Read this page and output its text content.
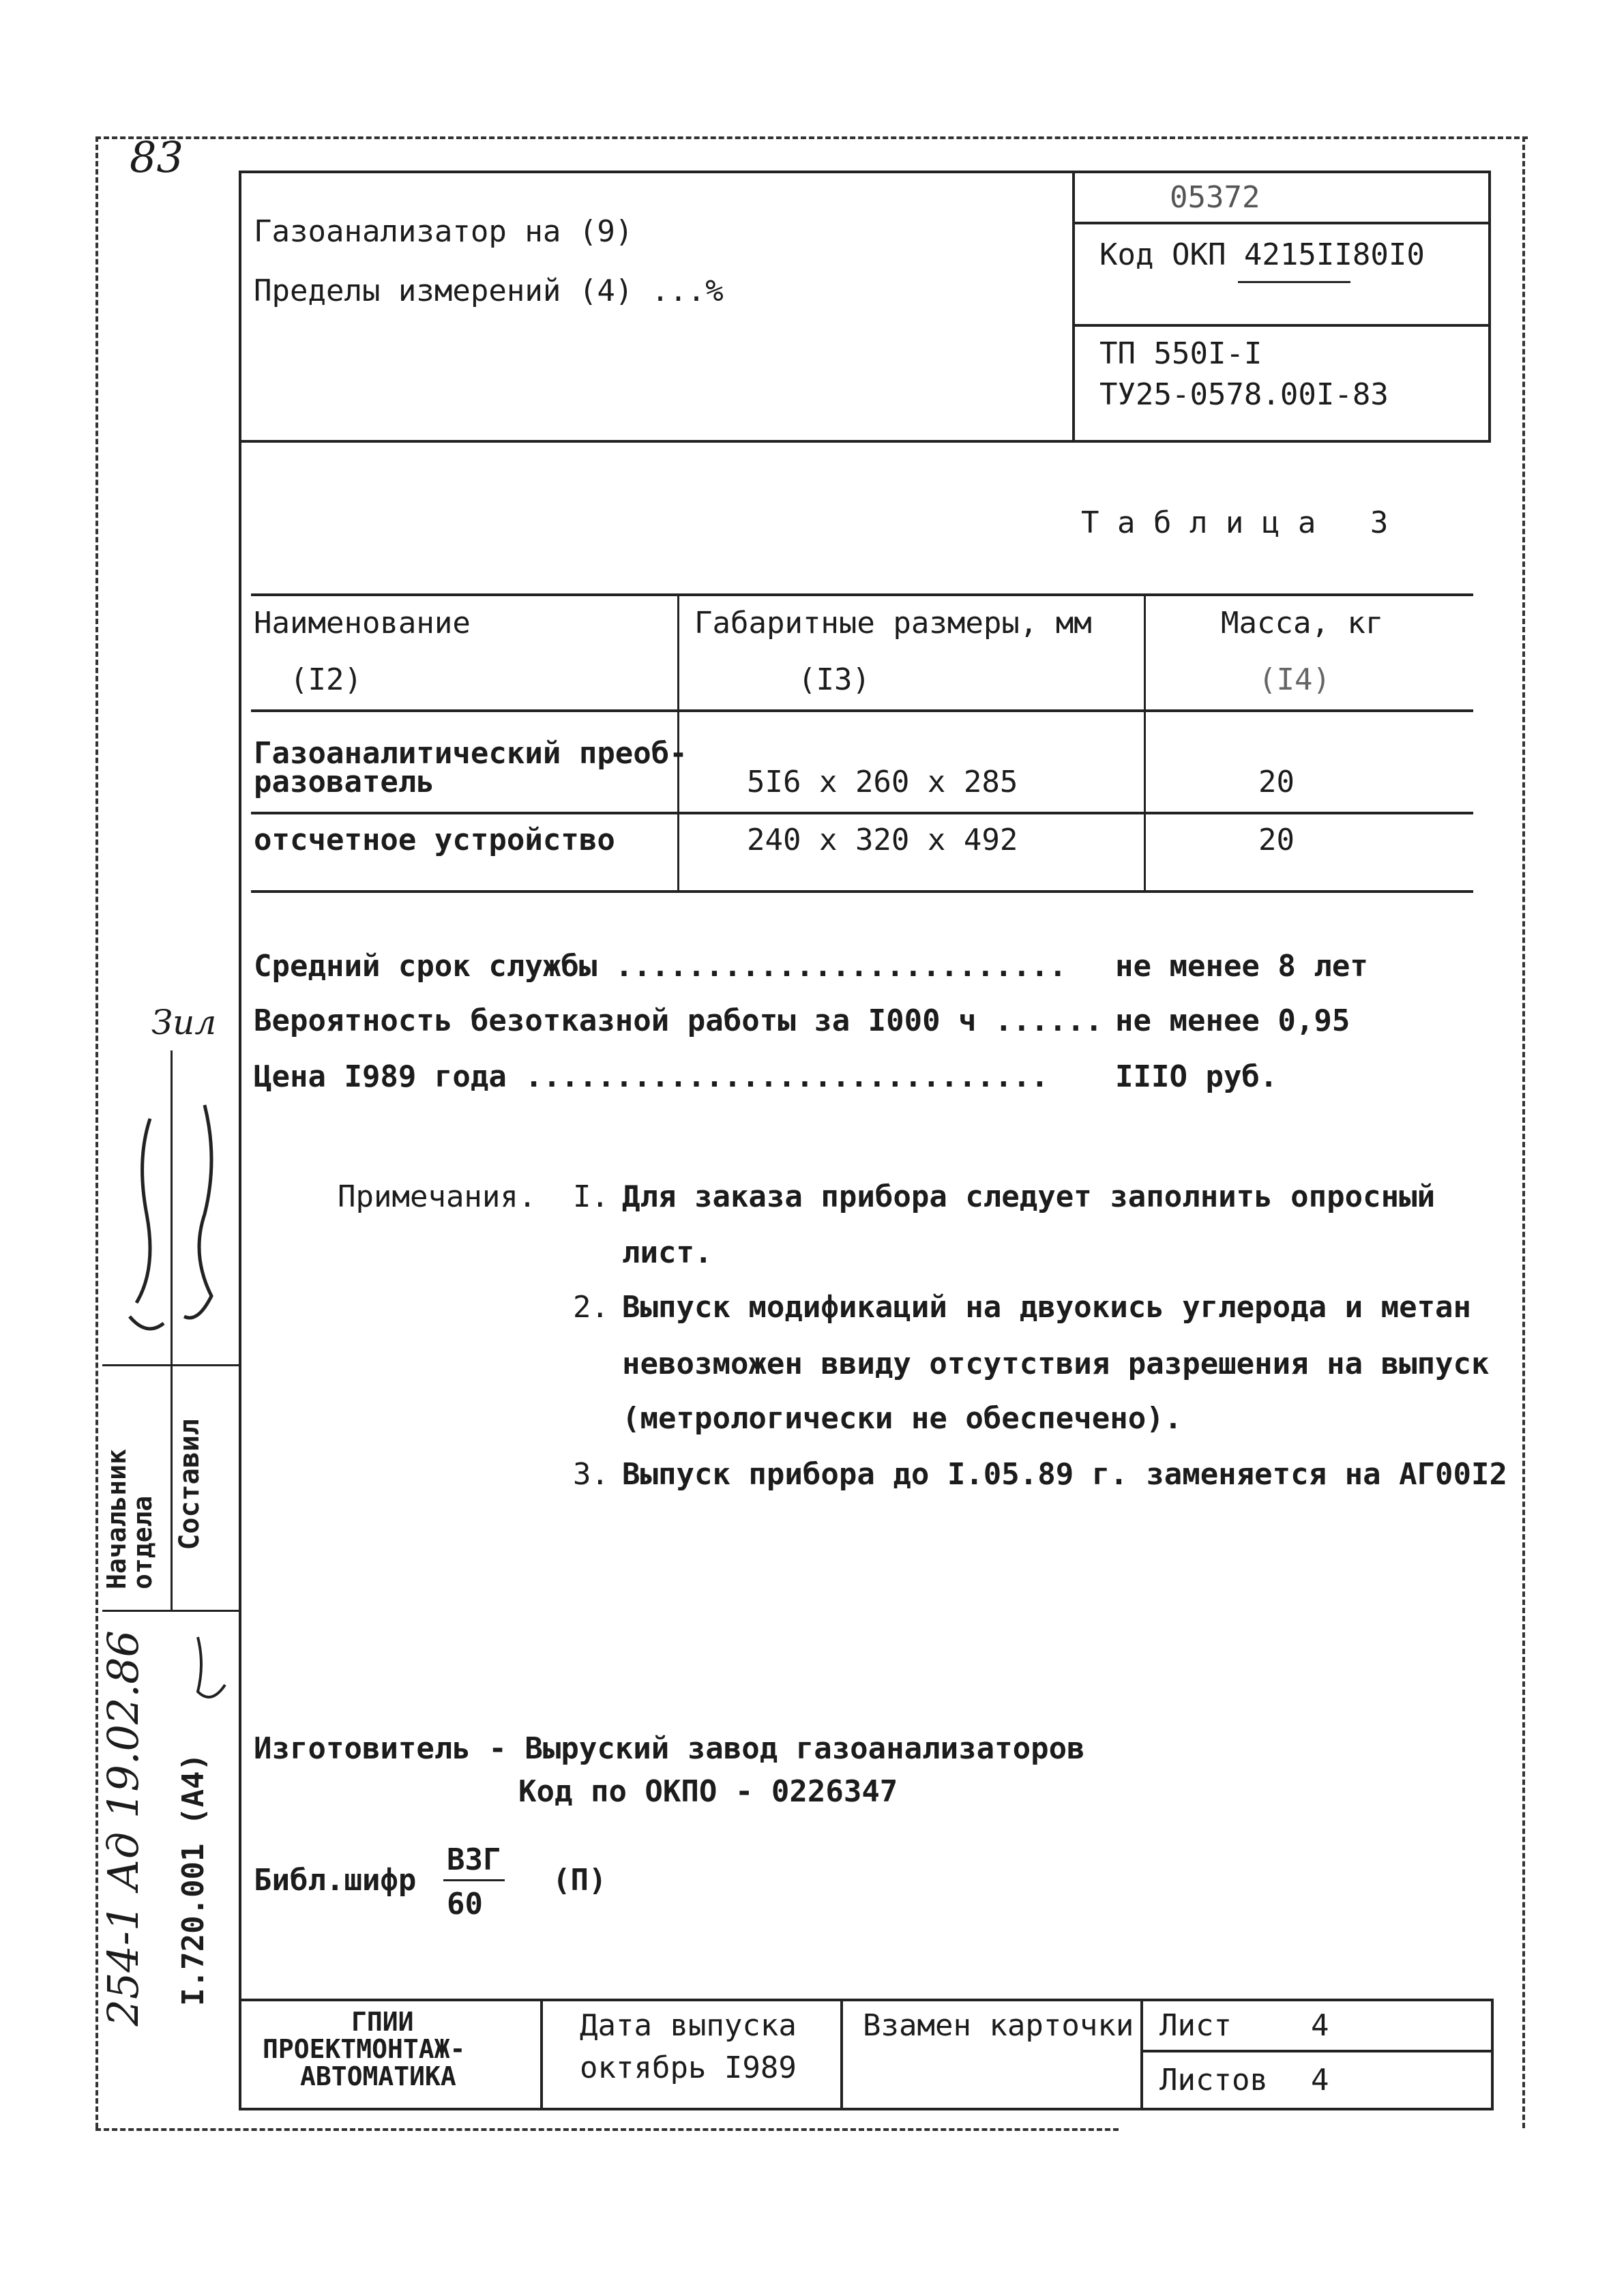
83
Газоанализатор на (9)
Пределы измерений (4) ...%
05372
Код ОКП 4215II80I0
ТП 550I-I
ТУ25-0578.00I-83
Т а б л и ц а   3
Наименование	Габаритные размеры, мм	Масса, кг
(I2)	(I3)	(I4)
Газоаналитический преоб-
разователь	5I6 x 260 x 285	20
отсчетное устройство	240 x 320 x 492	20
Средний срок службы ......................... не менее 8 лет
Вероятность безотказной работы за I000 ч ...... не менее 0,95
Цена I989 года ............................. IIIO руб.
Примечания. I. Для заказа прибора следует заполнить опросный
лист.
2. Выпуск модификаций на двуокись углерода и метан
невозможен ввиду отсутствия разрешения на выпуск
(метрологически не обеспечено).
3. Выпуск прибора до I.05.89 г. заменяется на АГ00I2
Изготовитель - Выруский завод газоанализаторов
Код по ОКПО - 0226347
Библ.шифр
ВЗГ
60
(П)
ГПИИ
ПРОЕКТМОНТАЖ-
АВТОМАТИКА
Дата выпуска
октябрь I989
Взамен карточки Лист	4
Листов 4
Составил
Начальник отдела
Зил
I.720.001 (A4)
254-1 Ад 19.02.86
